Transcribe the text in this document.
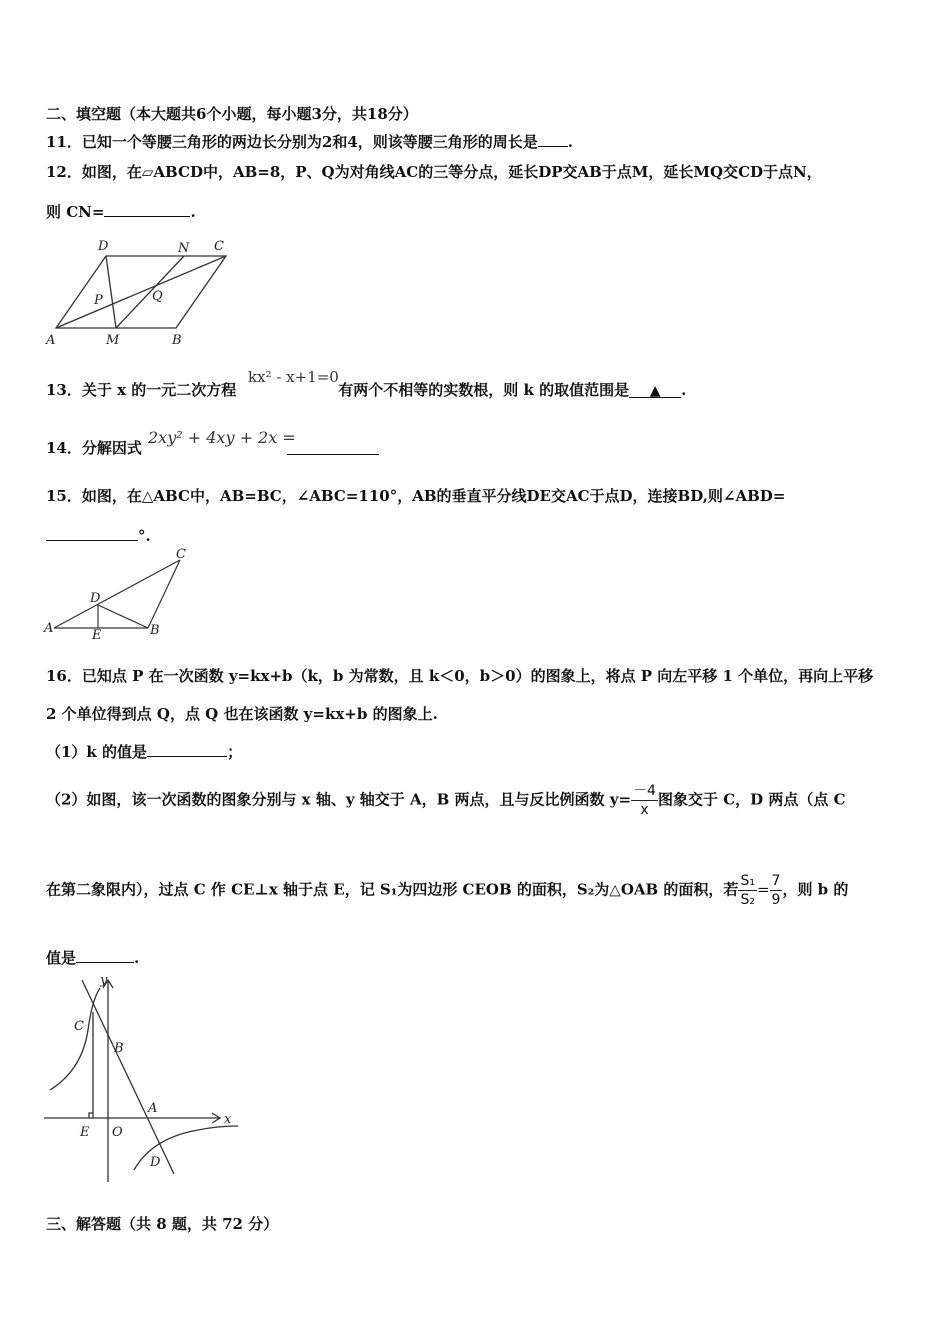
二、填空题（本大题共6个小题，每小题3分，共18分）
11．已知一个等腰三角形的两边长分别为2和4，则该等腰三角形的周长是 .
12．如图，在▱ABCD中，AB=8，P、Q为对角线AC的三等分点，延长DP交AB于点M，延长MQ交CD于点N，
则 CN=	.
D	N C
P	Q
A	M	B
13．关于 x 的一元二次方程	有两个不相等的实数根，则 k 的取值范围是 ▲ .
kx² - x+1=0
14．分解因式
2xy² + 4xy + 2x =
15．如图，在△ABC中，AB=BC，∠ABC=110°，AB的垂直平分线DE交AC于点D，连接BD,则∠ABD=
°.
A	B
C
D
E
16．已知点 P 在一次函数 y=kx+b（k，b 为常数，且 k＜0，b＞0）的图象上，将点 P 向左平移 1 个单位，再向上平移
2 个单位得到点 Q，点 Q 也在该函数 y=kx+b 的图象上.
（1）k 的值是	；
（2）如图，该一次函数的图象分别与 x 轴、y 轴交于 A，B 两点，且与反比例函数 $y= \frac{-4}{x}$ 图象交于 C，D 两点（点 C
在第二象限内），过点 C 作 CE⊥x 轴于点 E，记 S₁为四边形 CEOB 的面积，S₂为△OAB 的面积，若 $\frac{\text{S₁}}{\text{S₂}} = \frac{7}{9}$ ，则 b 的
值是	.
y
x
C
B
A
E O
D
三、解答题（共 8 题，共 72 分）
